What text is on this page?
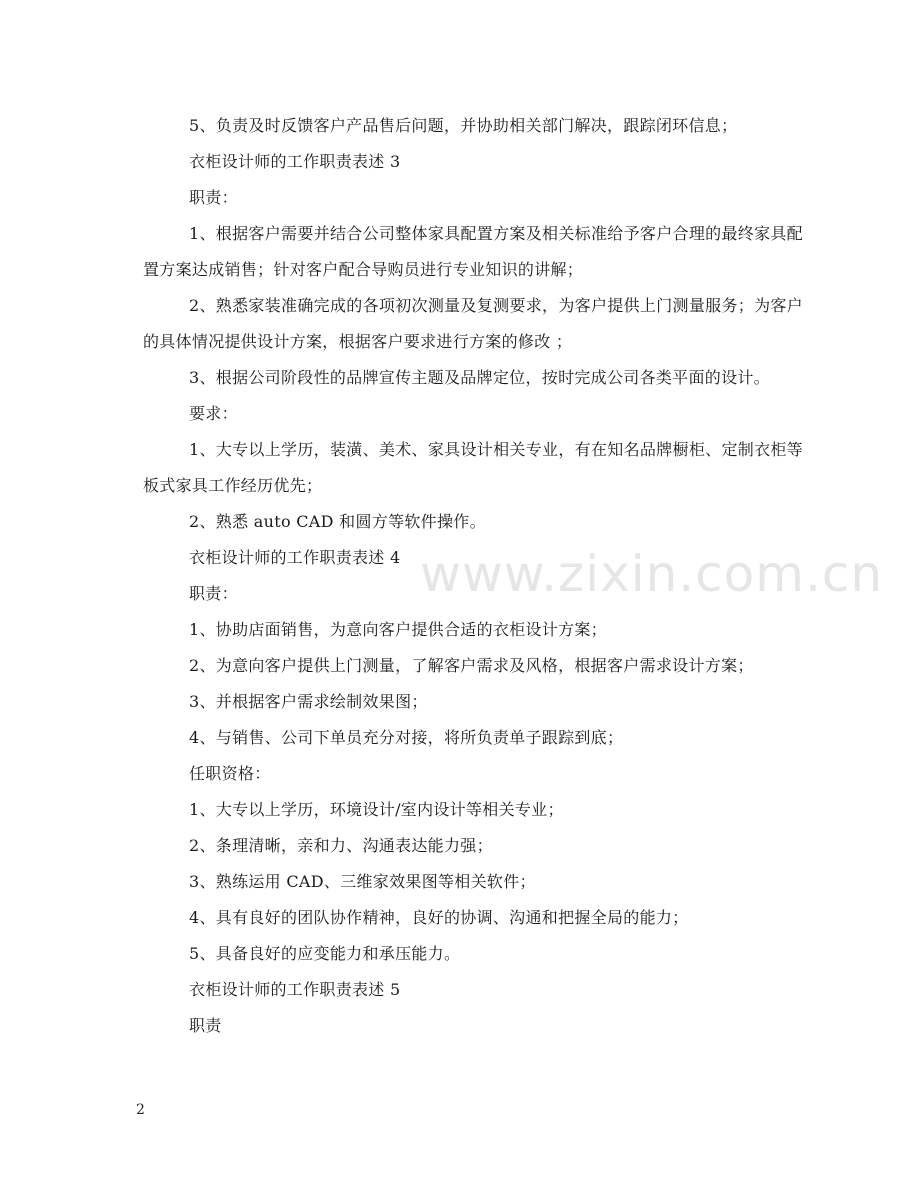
www.zixin.com.cn

5、负责及时反馈客户产品售后问题，并协助相关部门解决，跟踪闭环信息；

衣柜设计师的工作职责表述 3

职责：

1、根据客户需要并结合公司整体家具配置方案及相关标准给予客户合理的最终家具配置方案达成销售；针对客户配合导购员进行专业知识的讲解；

2、熟悉家装准确完成的各项初次测量及复测要求，为客户提供上门测量服务；为客户的具体情况提供设计方案，根据客户要求进行方案的修改 ；

3、根据公司阶段性的品牌宣传主题及品牌定位，按时完成公司各类平面的设计。

要求：

1、大专以上学历，装潢、美术、家具设计相关专业，有在知名品牌橱柜、定制衣柜等板式家具工作经历优先；

2、熟悉 auto CAD 和圆方等软件操作。

衣柜设计师的工作职责表述 4

职责：

1、协助店面销售，为意向客户提供合适的衣柜设计方案；

2、为意向客户提供上门测量，了解客户需求及风格，根据客户需求设计方案；

3、并根据客户需求绘制效果图；

4、与销售、公司下单员充分对接，将所负责单子跟踪到底；

任职资格：

1、大专以上学历，环境设计/室内设计等相关专业；

2、条理清晰，亲和力、沟通表达能力强；

3、熟练运用 CAD、三维家效果图等相关软件；

4、具有良好的团队协作精神，良好的协调、沟通和把握全局的能力；

5、具备良好的应变能力和承压能力。

衣柜设计师的工作职责表述 5

职责

2
